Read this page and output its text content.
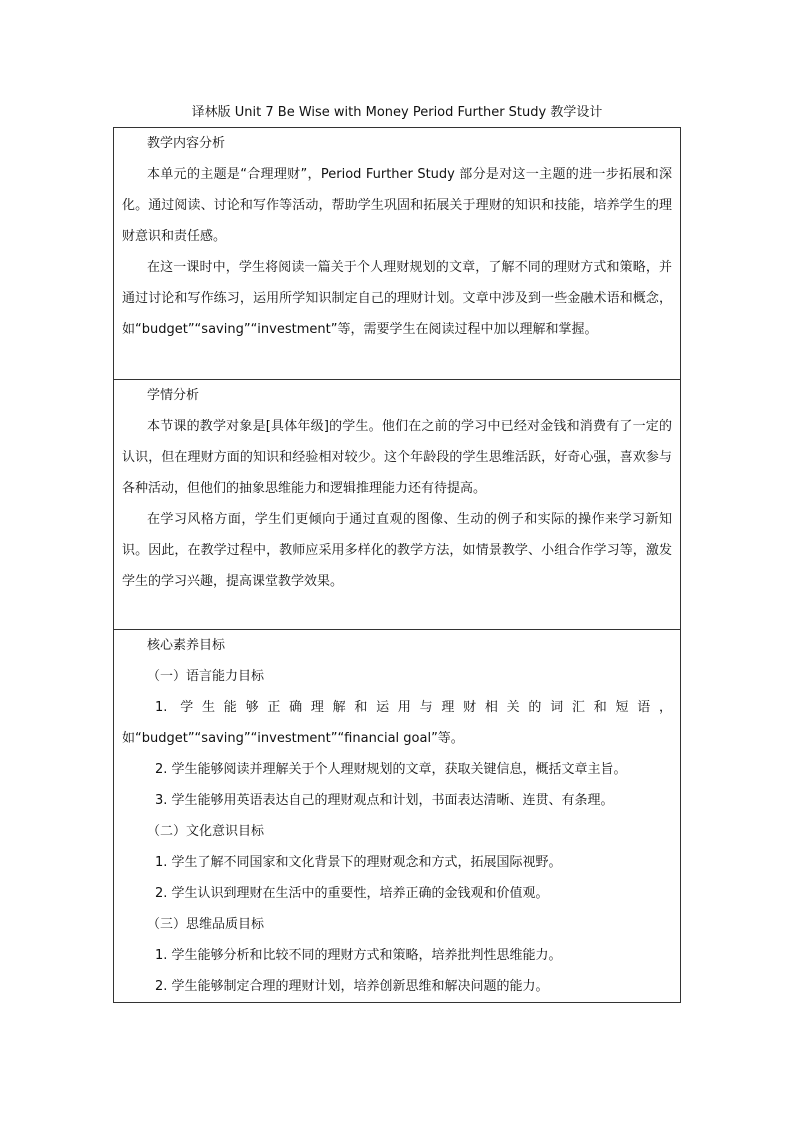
译林版 Unit 7 Be Wise with Money Period Further Study 教学设计
教学内容分析

本单元的主题是“合理理财”，Period Further Study 部分是对这一主题的进一步拓展和深化。通过阅读、讨论和写作等活动，帮助学生巩固和拓展关于理财的知识和技能，培养学生的理财意识和责任感。

在这一课时中，学生将阅读一篇关于个人理财规划的文章，了解不同的理财方式和策略，并通过讨论和写作练习，运用所学知识制定自己的理财计划。文章中涉及到一些金融术语和概念，如“budget”“saving”“investment”等，需要学生在阅读过程中加以理解和掌握。

学情分析

本节课的教学对象是[具体年级]的学生。他们在之前的学习中已经对金钱和消费有了一定的认识，但在理财方面的知识和经验相对较少。这个年龄段的学生思维活跃，好奇心强，喜欢参与各种活动，但他们的抽象思维能力和逻辑推理能力还有待提高。

在学习风格方面，学生们更倾向于通过直观的图像、生动的例子和实际的操作来学习新知识。因此，在教学过程中，教师应采用多样化的教学方法，如情景教学、小组合作学习等，激发学生的学习兴趣，提高课堂教学效果。

核心素养目标
（一）语言能力目标

1. 学生能够正确理解和运用与理财相关的词汇和短语，如“budget”“saving”“investment”“financial goal”等。

2. 学生能够阅读并理解关于个人理财规划的文章，获取关键信息，概括文章主旨。

3. 学生能够用英语表达自己的理财观点和计划，书面表达清晰、连贯、有条理。

（二）文化意识目标

1. 学生了解不同国家和文化背景下的理财观念和方式，拓展国际视野。

2. 学生认识到理财在生活中的重要性，培养正确的金钱观和价值观。

（三）思维品质目标

1. 学生能够分析和比较不同的理财方式和策略，培养批判性思维能力。

2. 学生能够制定合理的理财计划，培养创新思维和解决问题的能力。
